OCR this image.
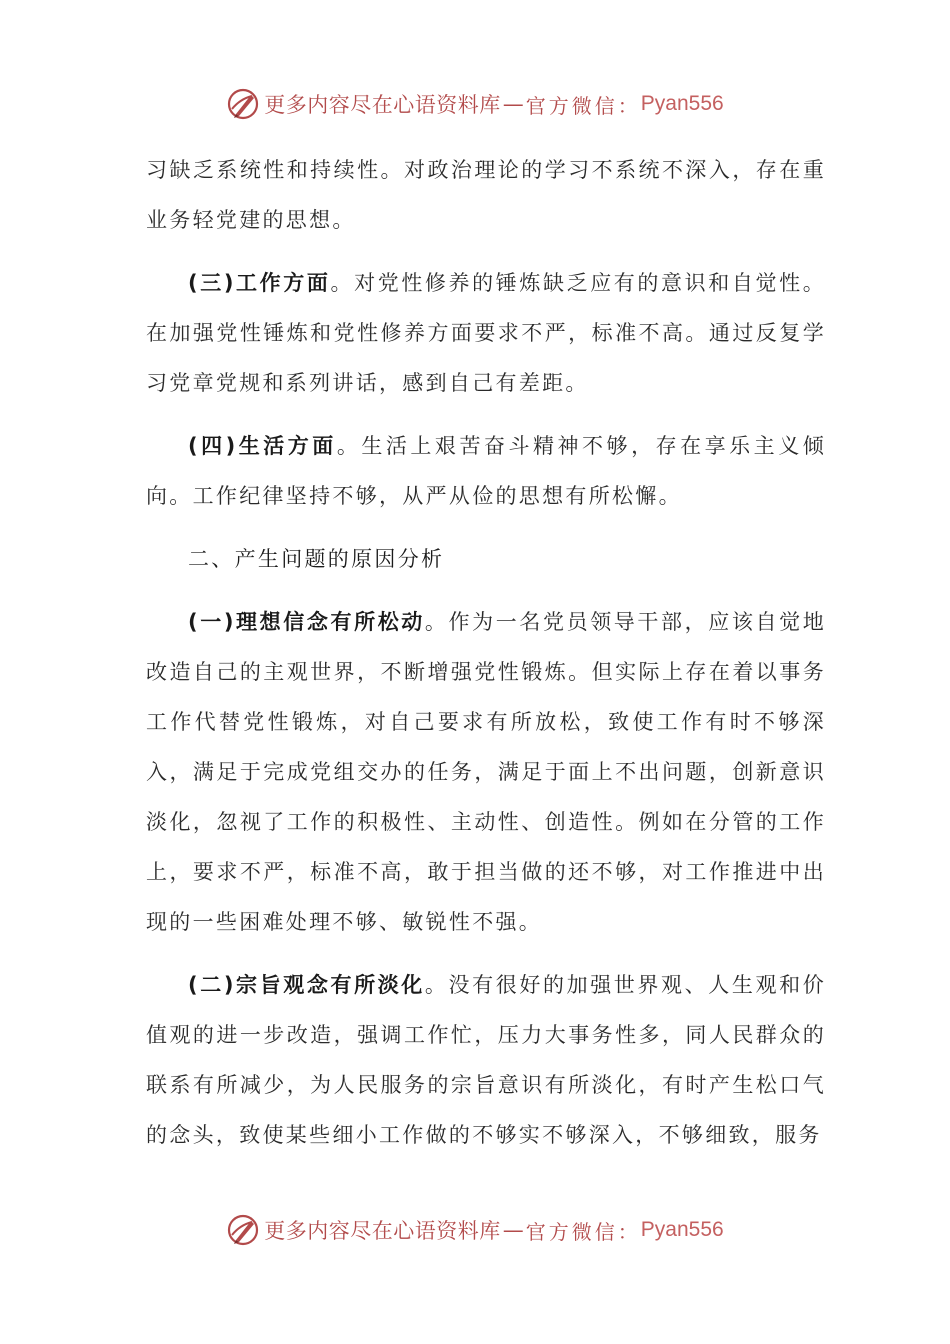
更多内容尽在心语资料库 — 官方微信： Pyan556

习缺乏系统性和持续性。对政治理论的学习不系统不深入，存在重业务轻党建的思想。

(三)工作方面。对党性修养的锤炼缺乏应有的意识和自觉性。在加强党性锤炼和党性修养方面要求不严，标准不高。通过反复学习党章党规和系列讲话，感到自己有差距。

(四)生活方面。生活上艰苦奋斗精神不够，存在享乐主义倾向。工作纪律坚持不够，从严从俭的思想有所松懈。

二、产生问题的原因分析

(一)理想信念有所松动。作为一名党员领导干部，应该自觉地改造自己的主观世界，不断增强党性锻炼。但实际上存在着以事务工作代替党性锻炼，对自己要求有所放松，致使工作有时不够深入，满足于完成党组交办的任务，满足于面上不出问题，创新意识淡化，忽视了工作的积极性、主动性、创造性。例如在分管的工作上，要求不严，标准不高，敢于担当做的还不够，对工作推进中出现的一些困难处理不够、敏锐性不强。

(二)宗旨观念有所淡化。没有很好的加强世界观、人生观和价值观的进一步改造，强调工作忙，压力大事务性多，同人民群众的联系有所减少，为人民服务的宗旨意识有所淡化，有时产生松口气的念头，致使某些细小工作做的不够实不够深入，不够细致，服务

更多内容尽在心语资料库 — 官方微信： Pyan556
